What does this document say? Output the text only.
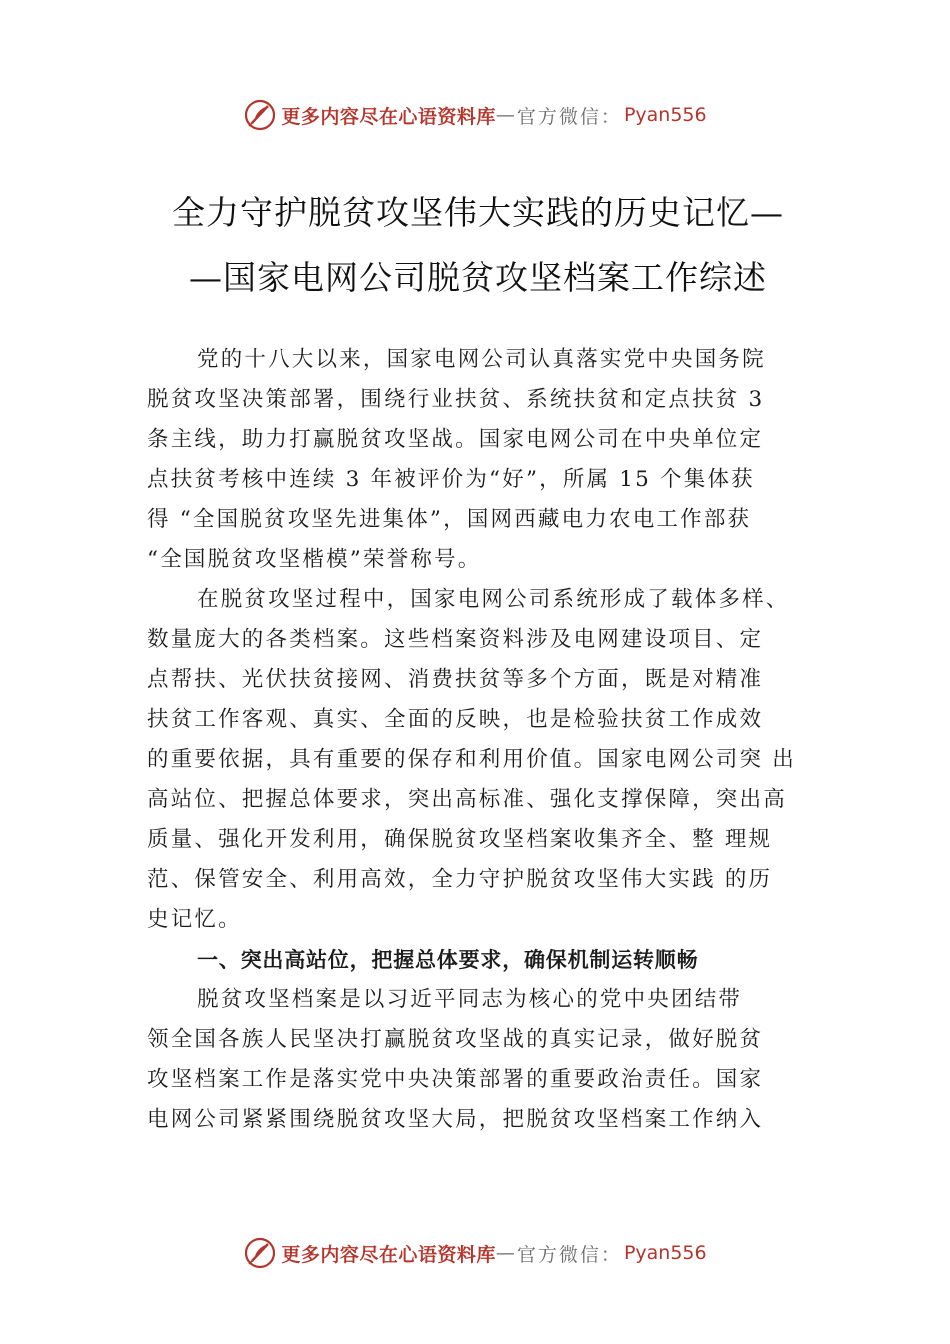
更多内容尽在心语资料库 — 官方微信： Pyan556
全力守护脱贫攻坚伟大实践的历史记忆—
—国家电网公司脱贫攻坚档案工作综述
党的十八大以来，国家电网公司认真落实党中央国务院
脱贫攻坚决策部署，围绕行业扶贫、系统扶贫和定点扶贫 3
条主线，助力打赢脱贫攻坚战。国家电网公司在中央单位定
点扶贫考核中连续 3 年被评价为“好”，所属 15 个集体获
得 “全国脱贫攻坚先进集体”，国网西藏电力农电工作部获
“全国脱贫攻坚楷模”荣誉称号。
在脱贫攻坚过程中，国家电网公司系统形成了载体多样、
数量庞大的各类档案。这些档案资料涉及电网建设项目、定
点帮扶、光伏扶贫接网、消费扶贫等多个方面，既是对精准
扶贫工作客观、真实、全面的反映，也是检验扶贫工作成效
的重要依据，具有重要的保存和利用价值。国家电网公司突 出
高站位、把握总体要求，突出高标准、强化支撑保障，突出高
质量、强化开发利用，确保脱贫攻坚档案收集齐全、整 理规
范、保管安全、利用高效，全力守护脱贫攻坚伟大实践 的历
史记忆。
一、突出高站位，把握总体要求，确保机制运转顺畅
脱贫攻坚档案是以习近平同志为核心的党中央团结带
领全国各族人民坚决打赢脱贫攻坚战的真实记录，做好脱贫
攻坚档案工作是落实党中央决策部署的重要政治责任。国家
电网公司紧紧围绕脱贫攻坚大局，把脱贫攻坚档案工作纳入
更多内容尽在心语资料库 — 官方微信： Pyan556
